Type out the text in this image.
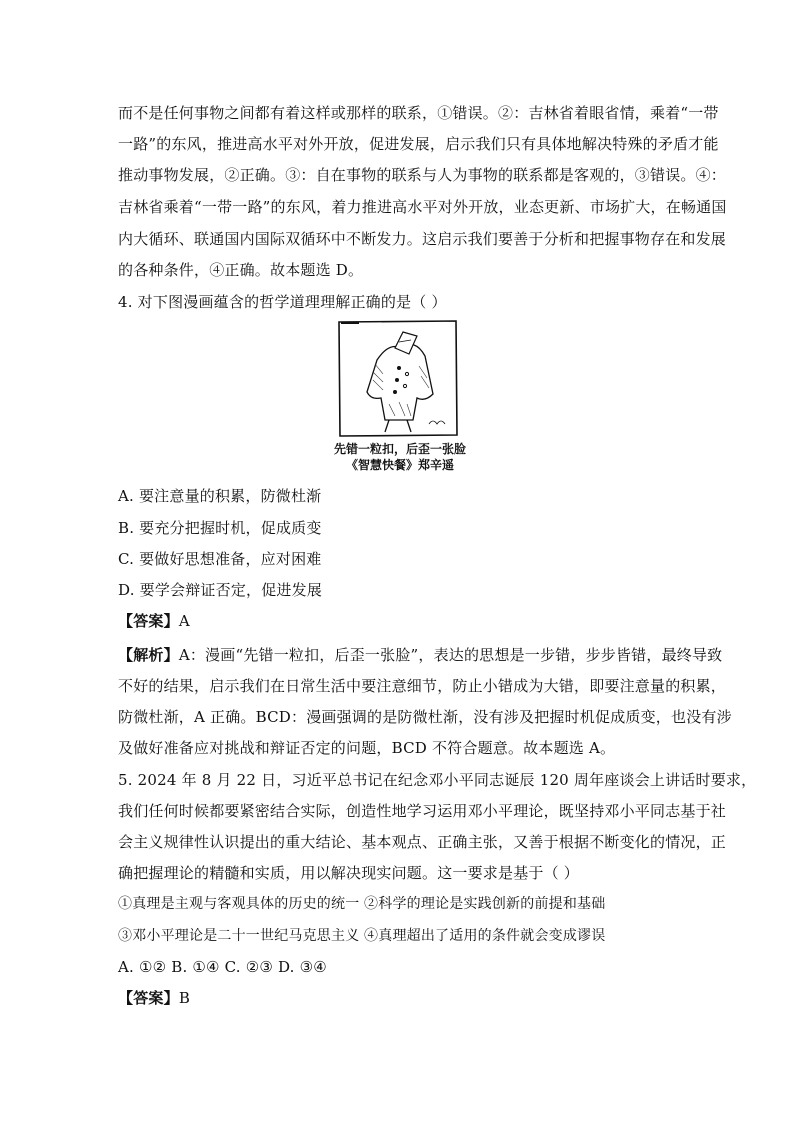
而不是任何事物之间都有着这样或那样的联系，①错误。②：吉林省着眼省情，乘着“一带
一路”的东风，推进高水平对外开放，促进发展，启示我们只有具体地解决特殊的矛盾才能
推动事物发展，②正确。③：自在事物的联系与人为事物的联系都是客观的，③错误。④：
吉林省乘着“一带一路”的东风，着力推进高水平对外开放，业态更新、市场扩大，在畅通国
内大循环、联通国内国际双循环中不断发力。这启示我们要善于分析和把握事物存在和发展
的各种条件，④正确。故本题选 D。
4. 对下图漫画蕴含的哲学道理理解正确的是（ ）
先错一粒扣，后歪一张脸
《智慧快餐》郑辛遥
A. 要注意量的积累，防微杜渐
B. 要充分把握时机，促成质变
C. 要做好思想准备，应对困难
D. 要学会辩证否定，促进发展
【答案】A
【解析】A：漫画“先错一粒扣，后歪一张脸”，表达的思想是一步错，步步皆错，最终导致
不好的结果，启示我们在日常生活中要注意细节，防止小错成为大错，即要注意量的积累，
防微杜渐，A 正确。BCD：漫画强调的是防微杜渐，没有涉及把握时机促成质变，也没有涉
及做好准备应对挑战和辩证否定的问题，BCD 不符合题意。故本题选 A。
5. 2024 年 8 月 22 日，习近平总书记在纪念邓小平同志诞辰 120 周年座谈会上讲话时要求，
我们任何时候都要紧密结合实际，创造性地学习运用邓小平理论，既坚持邓小平同志基于社
会主义规律性认识提出的重大结论、基本观点、正确主张，又善于根据不断变化的情况，正
确把握理论的精髓和实质，用以解决现实问题。这一要求是基于（ ）
①真理是主观与客观具体的历史的统一 ②科学的理论是实践创新的前提和基础
③邓小平理论是二十一世纪马克思主义 ④真理超出了适用的条件就会变成谬误
A. ①② B. ①④ C. ②③ D. ③④
【答案】B
